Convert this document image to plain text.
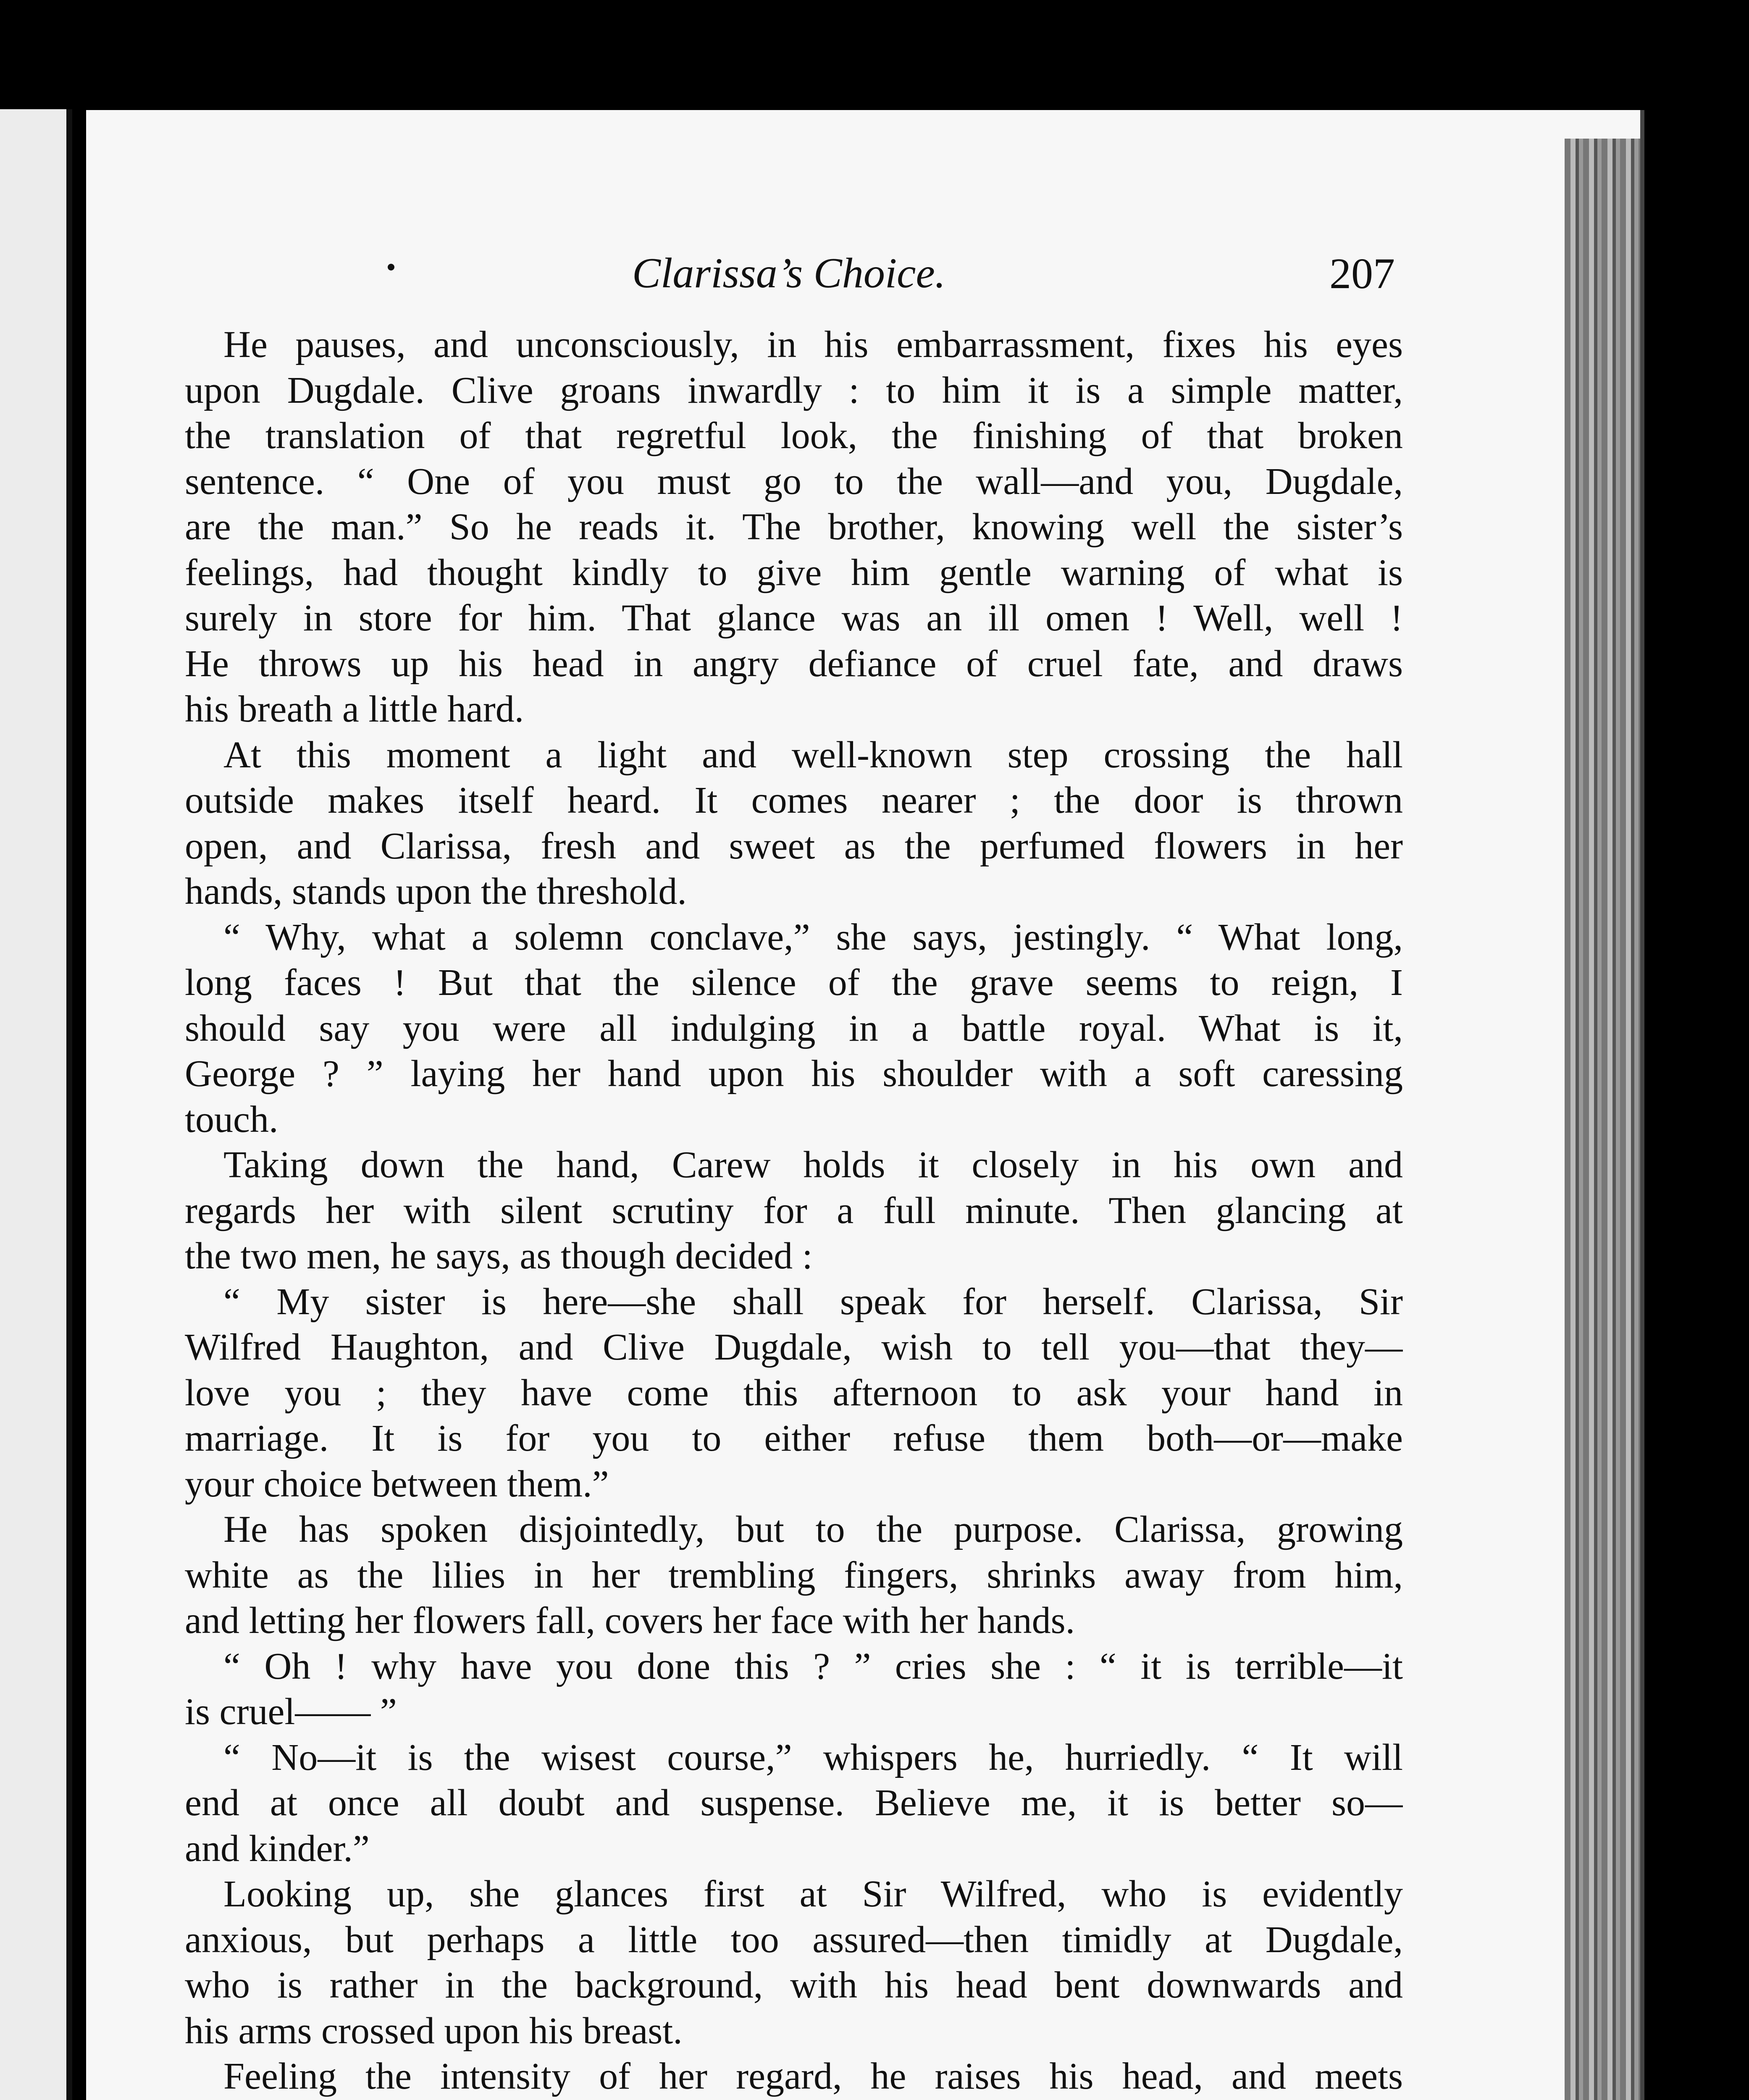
Clarissa’s Choice.	207
He pauses, and unconsciously, in his embarrassment, fixes his eyes
upon Dugdale. Clive groans inwardly : to him it is a simple matter,
the translation of that regretful look, the finishing of that broken
sentence. “ One of you must go to the wall—and you, Dugdale,
are the man.” So he reads it. The brother, knowing well the sister’s
feelings, had thought kindly to give him gentle warning of what is
surely in store for him. That glance was an ill omen ! Well, well !
He throws up his head in angry defiance of cruel fate, and draws
his breath a little hard.
At this moment a light and well-known step crossing the hall
outside makes itself heard. It comes nearer ; the door is thrown
open, and Clarissa, fresh and sweet as the perfumed flowers in her
hands, stands upon the threshold.
“ Why, what a solemn conclave,” she says, jestingly. “ What long,
long faces ! But that the silence of the grave seems to reign, I
should say you were all indulging in a battle royal. What is it,
George ? ” laying her hand upon his shoulder with a soft caressing
touch.
Taking down the hand, Carew holds it closely in his own and
regards her with silent scrutiny for a full minute. Then glancing at
the two men, he says, as though decided :
“ My sister is here—she shall speak for herself. Clarissa, Sir
Wilfred Haughton, and Clive Dugdale, wish to tell you—that they—
love you ; they have come this afternoon to ask your hand in
marriage. It is for you to either refuse them both—or—make
your choice between them.”
He has spoken disjointedly, but to the purpose. Clarissa, growing
white as the lilies in her trembling fingers, shrinks away from him,
and letting her flowers fall, covers her face with her hands.
“ Oh ! why have you done this ? ” cries she : “ it is terrible—it
is cruel—— ”
“ No—it is the wisest course,” whispers he, hurriedly. “ It will
end at once all doubt and suspense. Believe me, it is better so—
and kinder.”
Looking up, she glances first at Sir Wilfred, who is evidently
anxious, but perhaps a little too assured—then timidly at Dugdale,
who is rather in the background, with his head bent downwards and
his arms crossed upon his breast.
Feeling the intensity of her regard, he raises his head, and meets
